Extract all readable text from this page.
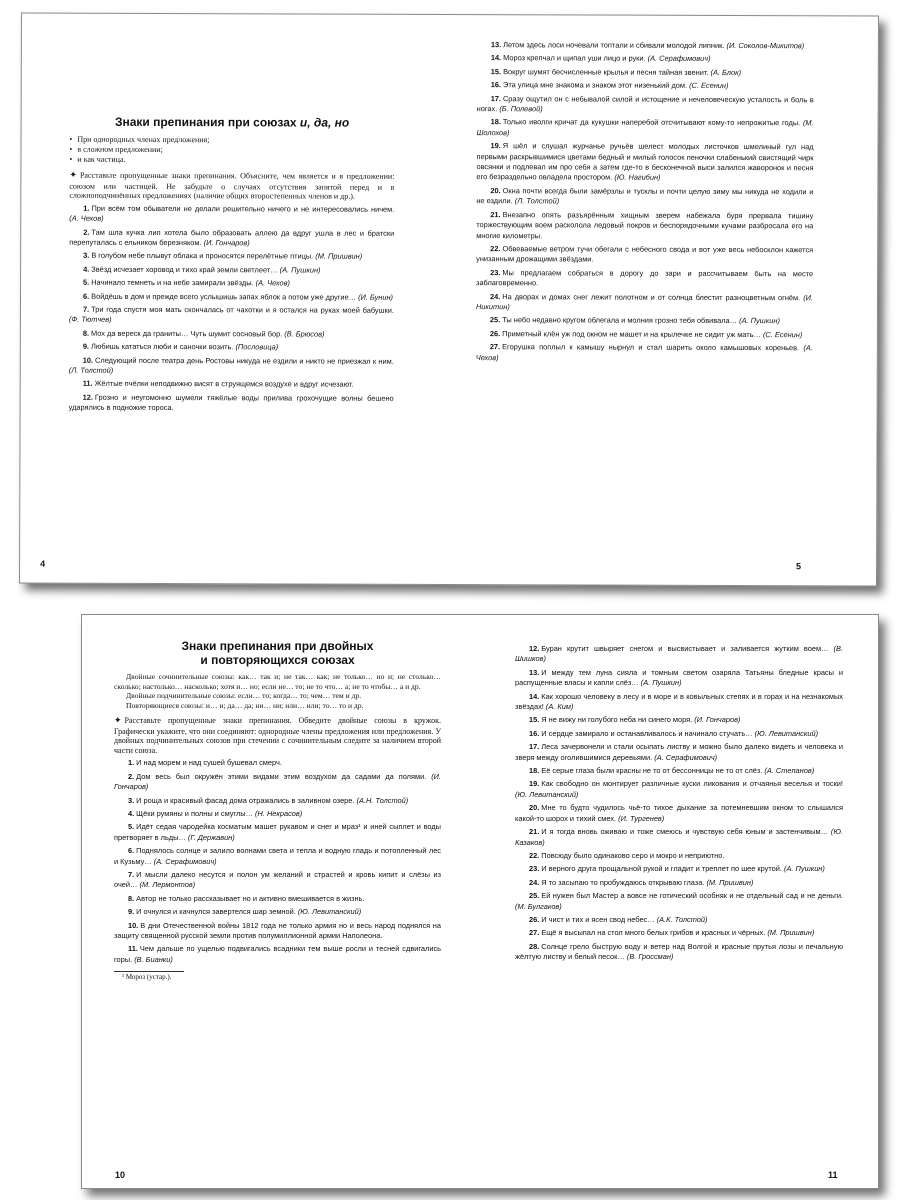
Знаки препинания при союзах и, да, но
• При однородных членах предложения;
• в сложном предложении;
• и как частица.
✦ Расставьте пропущенные знаки препинания. Объясните, чем является и в предложении: союзом или частицей. Не забудьте о случаях отсутствия запятой перед и в сложноподчинённых предложениях (наличие общих второстепенных членов и др.).
1. При всём том обыватели не делали решительно ничего и не интересовались ничем. (А. Чехов)
2. Там шла кучка лип хотела было образовать аллею да вдруг ушла в лес и братски перепуталась с ельником березняком. (И. Гончаров)
3. В голубом небе плывут облака и проносятся перелётные птицы. (М. Пришвин)
4. Звёзд исчезает хоровод и тихо край земли светлеет… (А. Пушкин)
5. Начинало темнеть и на небе замирали звёзды. (А. Чехов)
6. Войдёшь в дом и прежде всего услышишь запах яблок а потом уже другие… (И. Бунин)
7. Три года спустя моя мать скончалась от чахотки и я остался на руках моей бабушки. (Ф. Тютчев)
8. Мох да вереск да граниты… Чуть шумит сосновый бор. (В. Брюсов)
9. Любишь кататься люби и саночки возить. (Пословица)
10. Следующий после театра день Ростовы никуда не ездили и никто не приезжал к ним. (Л. Толстой)
11. Жёлтые пчёлки неподвижно висят в струящемся воздухе и вдруг исчезают.
12. Грозно и неугомонно шумели тяжёлые воды прилива грохочущие волны бешено ударялись в подножие тороса.
4
13. Летом здесь лоси ночевали топтали и сбивали молодой липник. (И. Соколов-Микитов)
14. Мороз крепчал и щипал уши лицо и руки. (А. Серафимович)
15. Вокруг шумят бесчисленные крылья и песня тайная звенит. (А. Блок)
16. Эта улица мне знакома и знаком этот низенький дом. (С. Есенин)
17. Сразу ощутил он с небывалой силой и истощение и нечеловеческую усталость и боль в ногах. (Б. Полевой)
18. Только иволги кричат да кукушки наперебой отсчитывают кому-то непрожитые годы. (М. Шолохов)
19. Я шёл и слушал журчанье ручьёв шелест молодых листочков шмелиный гул над первыми раскрывшимися цветами бедный и милый голосок пеночки слабенький свистящий чирк овсянки и подлевал им про себя а затем где-то в бесконечной выси залился жаворонок и песня его безраздельно овладела простором. (Ю. Нагибин)
20. Окна почти всегда были замёрзлы и тусклы и почти целую зиму мы никуда не ходили и не ездили. (Л. Толстой)
21. Внезапно опять разъярённым хищным зверем набежала буря прервала тишину торжествующим воем расколола ледовый покров и беспорядочными кучами разбросала его на многие километры.
22. Обвеваемые ветром тучи обегали с небесного свода и вот уже весь небосклон кажется унизанным дрожащими звёздами.
23. Мы предлагаем собраться в дорогу до зари и рассчитываем быть на месте заблаговременно.
24. На дворах и домах снег лежит полотном и от солнца блестит разноцветным огнём. (И. Никитин)
25. Ты небо недавно кругом облегала и молния грозно тебя обвивала… (А. Пушкин)
26. Приметный клён уж под окном не машет и на крылечке не сидит уж мать… (С. Есенин)
27. Егорушка поплыл к камышу нырнул и стал шарить около камышовых кореньев. (А. Чехов)
5
Знаки препинания при двойных
и повторяющихся союзах

Двойные сочинительные союзы: как… так и; не так… как; не только… но и; не столько… сколько; настолько… насколько; хотя и… но; если не… то; не то что… а; не то чтобы… а и др.

Двойные подчинительные союзы: если… то; когда… то; чем… тем и др.

Повторяющиеся союзы: и… и; да… да; ни… ни; или… или; то… то и др.

✦ Расставьте пропущенные знаки препинания. Обведите двойные союзы в кружок. Графически укажите, что они соединяют: однородные члены предложения или предложения. У двойных подчинительных союзов при стечении с сочинительным следите за наличием второй части союза.
1. И над морем и над сушей бушевал смерч.
2. Дом весь был окружён этими видами этим воздухом да садами да полями. (И. Гончаров)
3. И роща и красивый фасад дома отражались в заливном озере. (А.Н. Толстой)
4. Щёки румяны и полны и смуглы… (Н. Некрасов)
5. Идёт седая чародейка косматым машет рукавом и снег и мраз¹ и иней сыплет и воды претворяет в льды… (Г. Державин)
6. Поднялось солнце и залило волнами света и тепла и водную гладь и потопленный лес и Кузьму… (А. Серафимович)
7. И мысли далеко несутся и полон ум желаний и страстей и кровь кипит и слёзы из очей… (М. Лермонтов)
8. Автор не только рассказывает но и активно вмешивается в жизнь.
9. И очнулся и качнулся завертелся шар земной. (Ю. Левитанский)
10. В дни Отечественной войны 1812 года не только армия но и весь народ поднялся на защиту священной русской земли против полумиллионной армии Наполеона.
11. Чем дальше по ущелью подвигались всадники тем выше росли и тесней сдвигались горы. (В. Бианки)
¹ Мороз (устар.).
10
12. Буран крутит швыряет снегом и высвистывает и заливается жутким воем… (В. Шишков)
13. И между тем луна сияла и томным светом озаряла Татьяны бледные красы и распущенные власы и капли слёз… (А. Пушкин)
14. Как хорошо человеку в лесу и в море и в ковыльных степях и в горах и на незнакомых звёздах! (А. Ким)
15. Я не вижу ни голубого неба ни синего моря. (И. Гончаров)
16. И сердце замирало и останавливалось и начинало стучать… (Ю. Левитанский)
17. Леса зачервонели и стали осыпать листву и можно было далеко видеть и человека и зверя между оголившимися деревьями. (А. Серафимович)
18. Её серые глаза были красны не то от бессонницы не то от слёз. (А. Степанов)
19. Как свободно он монтирует различные куски ликования и отчаянья веселья и тоски! (Ю. Левитанский)
20. Мне то будто чудилось чьё-то тихое дыхание за потемневшим окном то слышался какой-то шорох и тихий смех. (И. Тургенев)
21. И я тогда вновь оживаю и тоже смеюсь и чувствую себя юным и застенчивым… (Ю. Казаков)
22. Повсюду было одинаково серо и мокро и неприютно.
23. И верного друга прощальной рукой и гладит и треплет по шее крутой. (А. Пушкин)
24. Я то засыпаю то пробуждаюсь открываю глаза. (М. Пришвин)
25. Ей нужен был Мастер а вовсе не готический особняк и не отдельный сад и не деньги. (М. Булгаков)
26. И чист и тих и ясен свод небес… (А.К. Толстой)
27. Ещё я высыпал на стол много белых грибов и красных и чёрных. (М. Пришвин)
28. Солнце грело быструю воду и ветер над Волгой и красные прутья лозы и печальную жёлтую листву и белый песок… (В. Гроссман)
11
